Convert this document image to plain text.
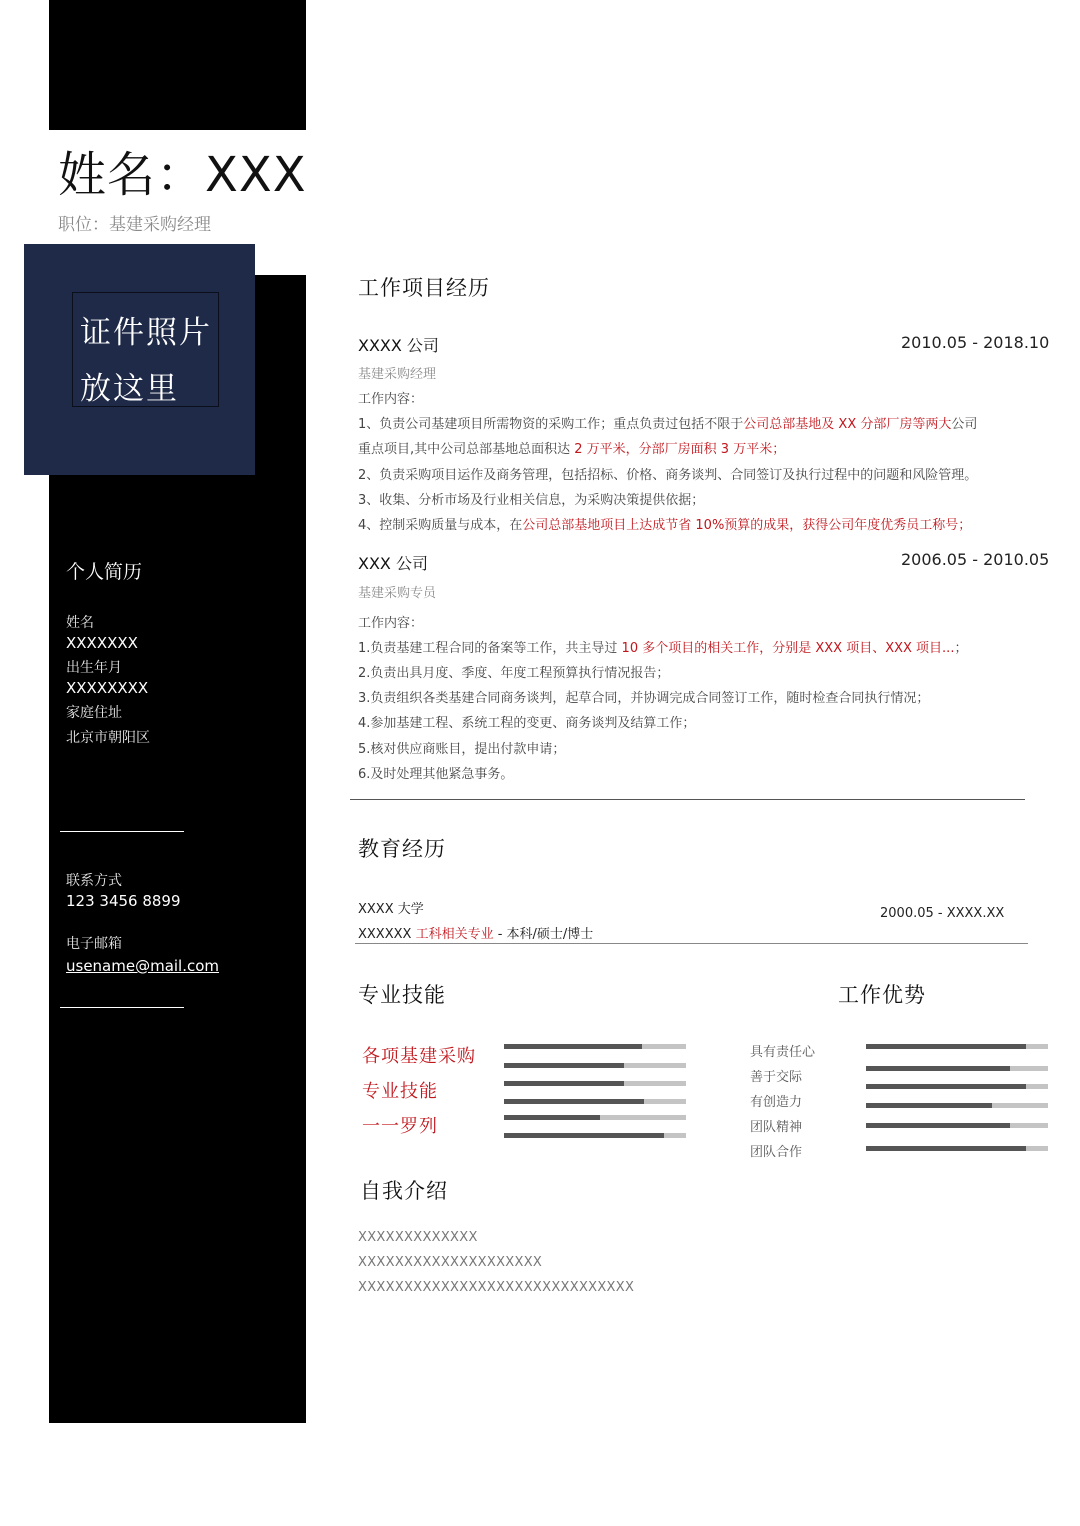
姓名：XXX
职位：基建采购经理
证件照片
放这里
个人简历
姓名
XXXXXXX
出生年月
XXXXXXXX
家庭住址
北京市朝阳区
联系方式
123 3456 8899
电子邮箱
usename@mail.com
工作项目经历
XXXX 公司	2010.05 - 2018.10
基建采购经理
工作内容：
1、负责公司基建项目所需物资的采购工作；重点负责过包括不限于公司总部基地及 XX 分部厂房等两大公司
重点项目,其中公司总部基地总面积达 2 万平米，分部厂房面积 3 万平米；
2、负责采购项目运作及商务管理，包括招标、价格、商务谈判、合同签订及执行过程中的问题和风险管理。
3、收集、分析市场及行业相关信息，为采购决策提供依据；
4、控制采购质量与成本，在公司总部基地项目上达成节省 10%预算的成果，获得公司年度优秀员工称号；
XXX 公司	2006.05 - 2010.05
基建采购专员
工作内容：
1.负责基建工程合同的备案等工作，共主导过 10 多个项目的相关工作，分别是 XXX 项目、XXX 项目...；
2.负责出具月度、季度、年度工程预算执行情况报告；
3.负责组织各类基建合同商务谈判，起草合同，并协调完成合同签订工作，随时检查合同执行情况；
4.参加基建工程、系统工程的变更、商务谈判及结算工作；
5.核对供应商账目，提出付款申请；
6.及时处理其他紧急事务。
教育经历
XXXX 大学	2000.05 - XXXX.XX
XXXXXX 工科相关专业 - 本科/硕士/博士
专业技能
各项基建采购
专业技能
一一罗列
工作优势
具有责任心
善于交际
有创造力
团队精神
团队合作
自我介绍
XXXXXXXXXXXXX
XXXXXXXXXXXXXXXXXXXX
XXXXXXXXXXXXXXXXXXXXXXXXXXXXXX
